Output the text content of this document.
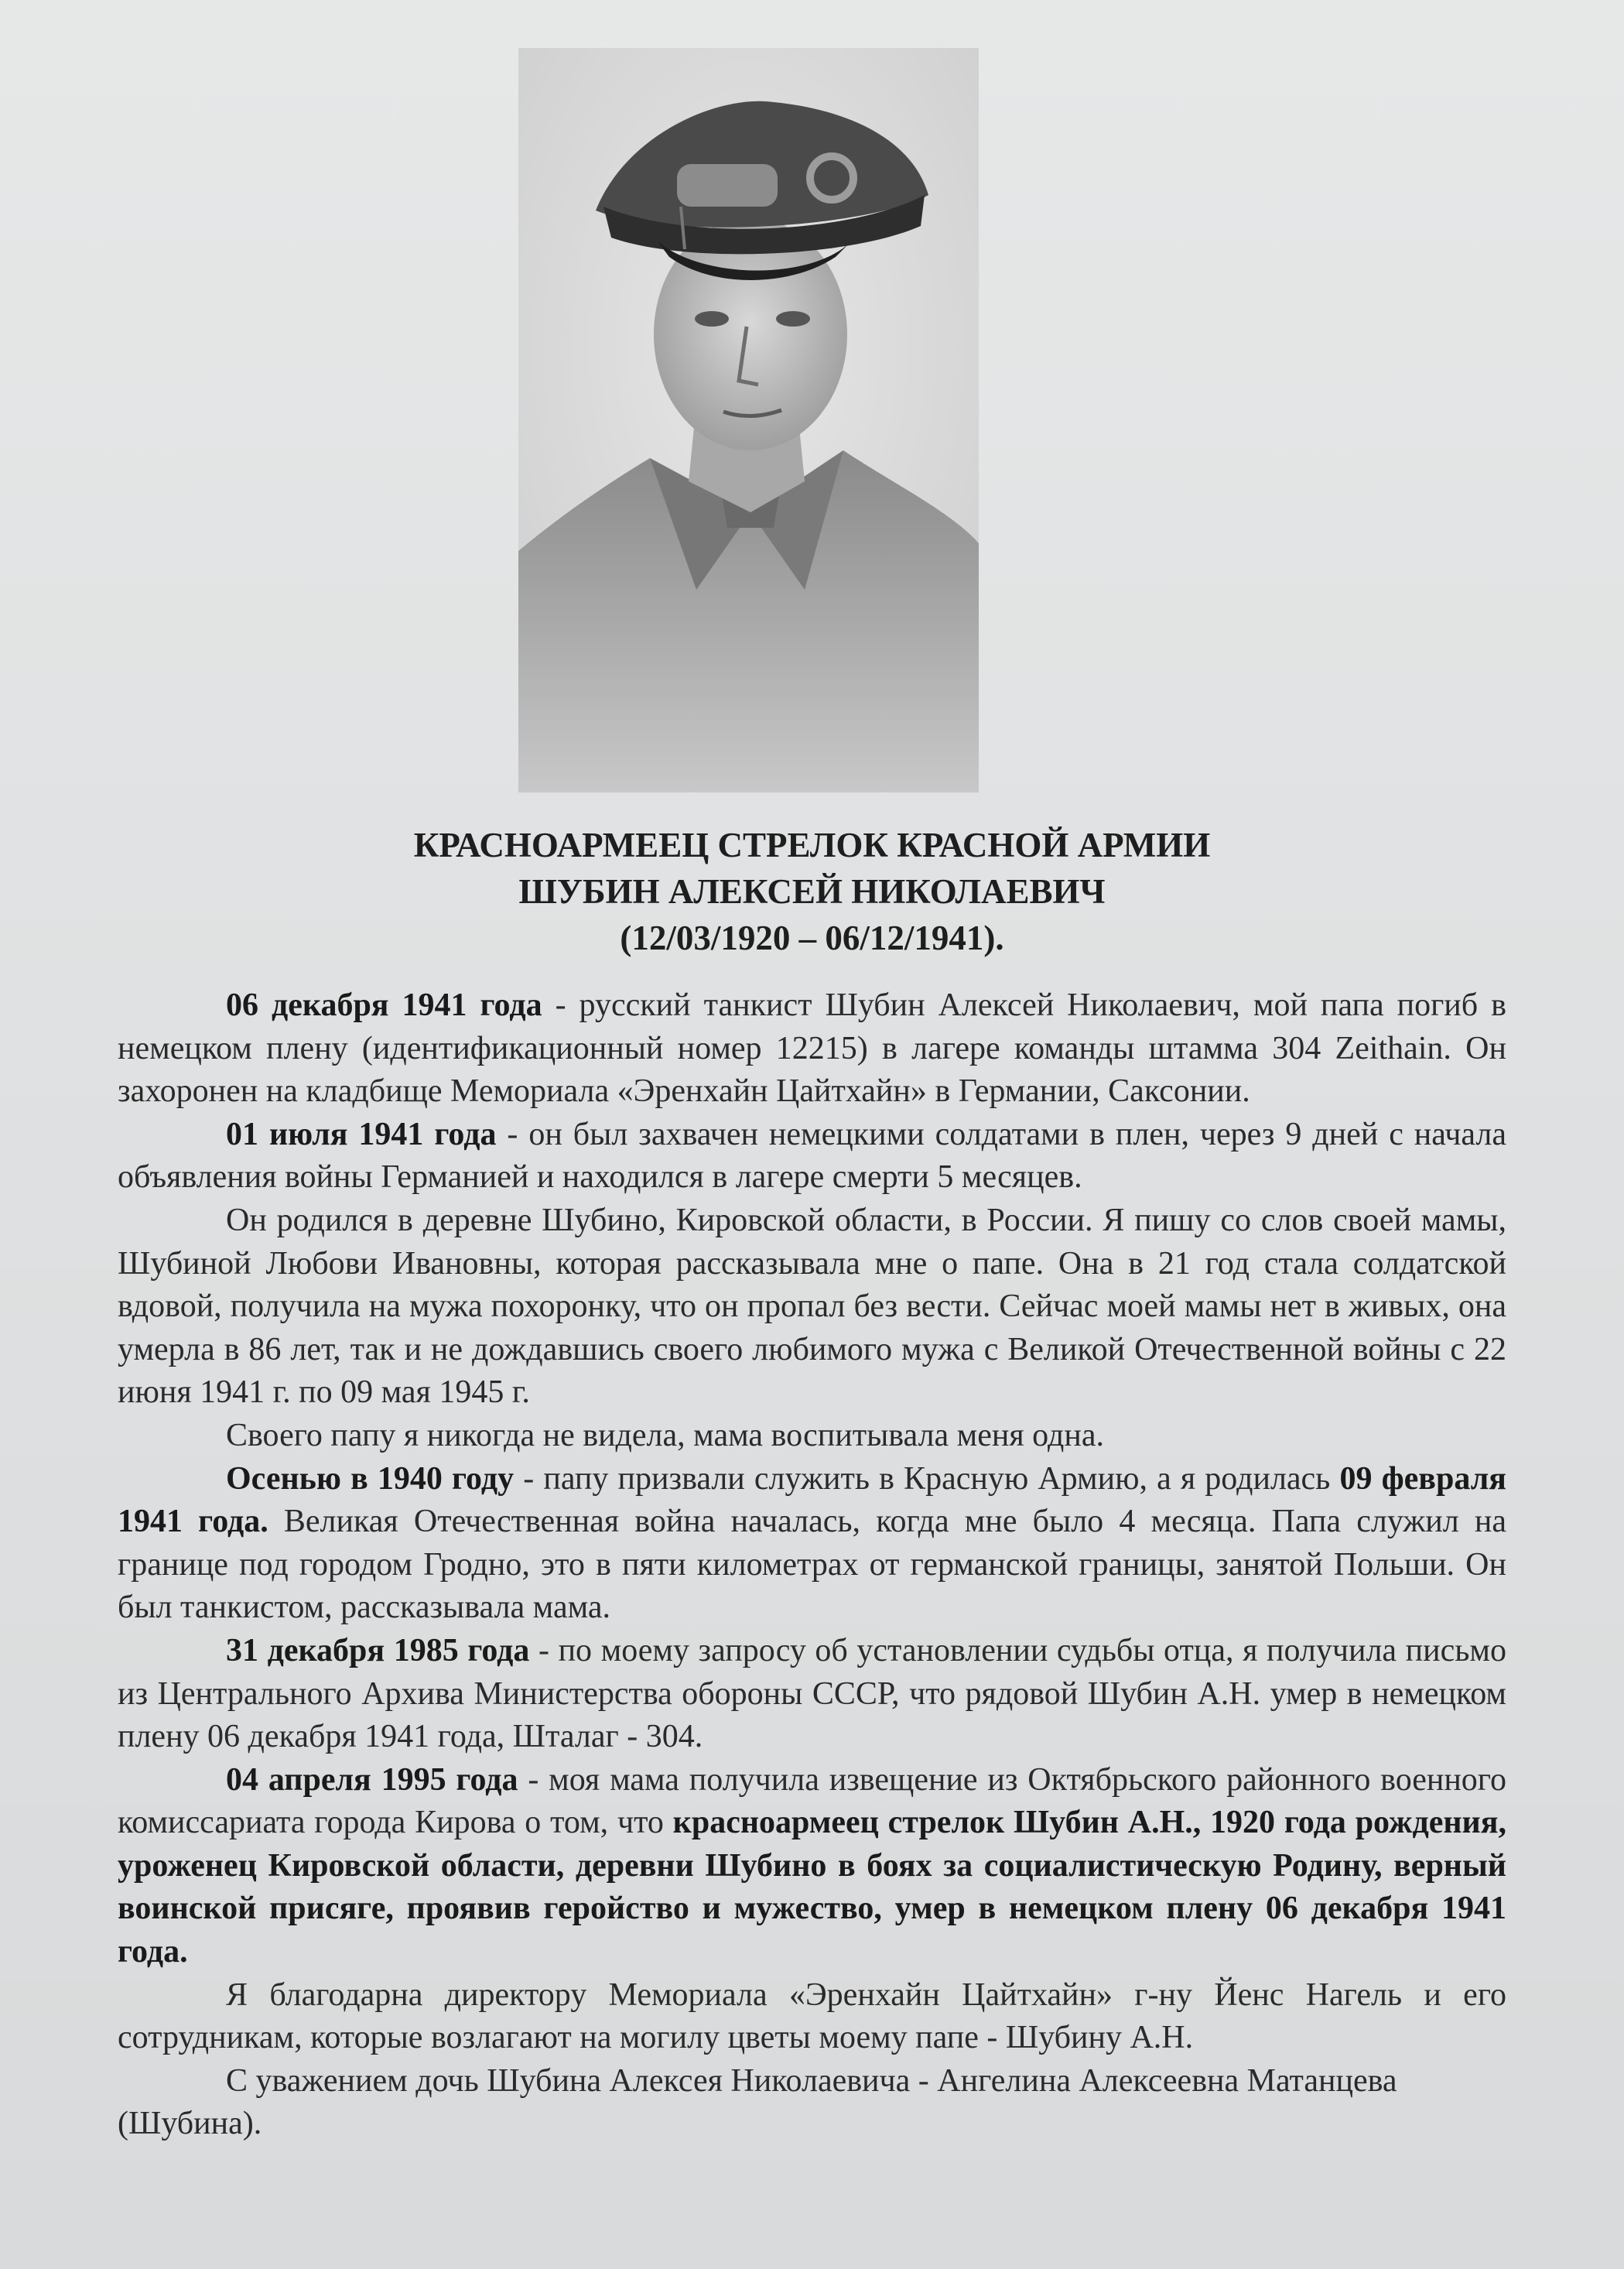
КРАСНОАРМЕЕЦ СТРЕЛОК КРАСНОЙ АРМИИ
ШУБИН АЛЕКСЕЙ НИКОЛАЕВИЧ
(12/03/1920 – 06/12/1941).

06 декабря 1941 года - русский танкист Шубин Алексей Николаевич, мой папа погиб в немецком плену (идентификационный номер 12215) в лагере команды штамма 304 Zeithain. Он захоронен на кладбище Мемориала «Эренхайн Цайтхайн» в Германии, Саксонии.

01 июля 1941 года - он был захвачен немецкими солдатами в плен, через 9 дней с начала объявления войны Германией и находился в лагере смерти 5 месяцев.

Он родился в деревне Шубино, Кировской области, в России. Я пишу со слов своей мамы, Шубиной Любови Ивановны, которая рассказывала мне о папе. Она в 21 год стала солдатской вдовой, получила на мужа похоронку, что он пропал без вести. Сейчас моей мамы нет в живых, она умерла в 86 лет, так и не дождавшись своего любимого мужа с Великой Отечественной войны с 22 июня 1941 г. по 09 мая 1945 г.

Своего папу я никогда не видела, мама воспитывала меня одна.

Осенью в 1940 году - папу призвали служить в Красную Армию, а я родилась 09 февраля 1941 года. Великая Отечественная война началась, когда мне было 4 месяца. Папа служил на границе под городом Гродно, это в пяти километрах от германской границы, занятой Польши. Он был танкистом, рассказывала мама.

31 декабря 1985 года - по моему запросу об установлении судьбы отца, я получила письмо из Центрального Архива Министерства обороны СССР, что рядовой Шубин А.Н. умер в немецком плену 06 декабря 1941 года, Шталаг - 304.

04 апреля 1995 года - моя мама получила извещение из Октябрьского районного военного комиссариата города Кирова о том, что красноармеец стрелок Шубин А.Н., 1920 года рождения, уроженец Кировской области, деревни Шубино в боях за социалистическую Родину, верный воинской присяге, проявив геройство и мужество, умер в немецком плену 06 декабря 1941 года.

Я благодарна директору Мемориала «Эренхайн Цайтхайн» г-ну Йенс Нагель и его сотрудникам, которые возлагают на могилу цветы моему папе - Шубину А.Н.

С уважением дочь Шубина Алексея Николаевича - Ангелина Алексеевна Матанцева (Шубина).
